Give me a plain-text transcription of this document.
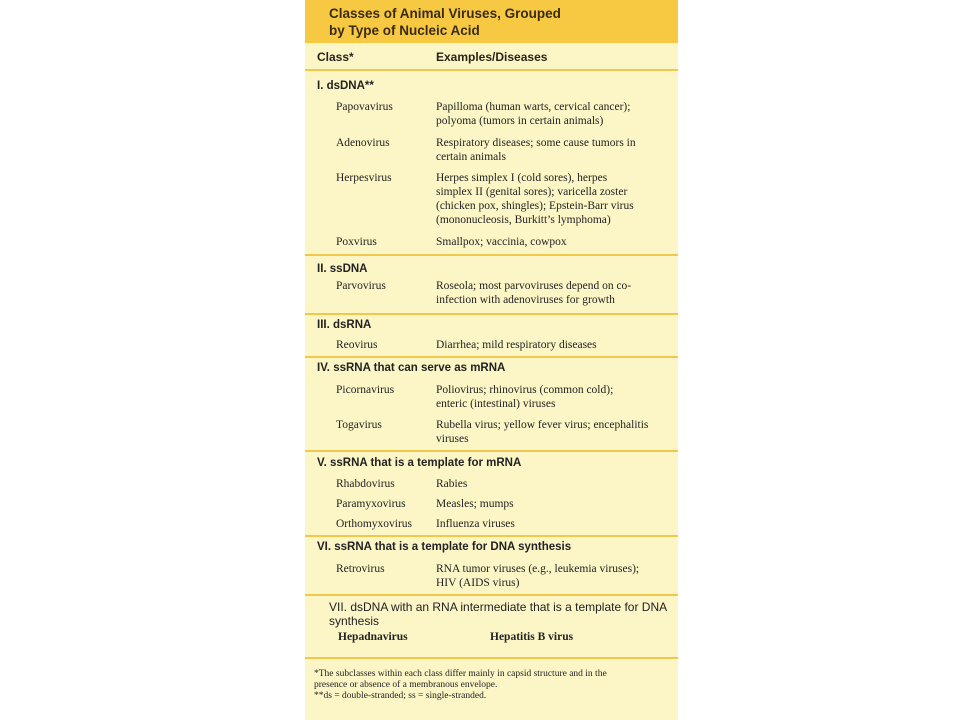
Classes of Animal Viruses, Grouped
by Type of Nucleic Acid
Class*	Examples/Diseases
I. dsDNA**
Papovavirus	Papilloma (human warts, cervical cancer);
polyoma (tumors in certain animals)
Adenovirus	Respiratory diseases; some cause tumors in
certain animals
Herpesvirus	Herpes simplex I (cold sores), herpes
simplex II (genital sores); varicella zoster
(chicken pox, shingles); Epstein-Barr virus
(mononucleosis, Burkitt’s lymphoma)
Poxvirus	Smallpox; vaccinia, cowpox
II. ssDNA
Parvovirus	Roseola; most parvoviruses depend on co-
infection with adenoviruses for growth
III. dsRNA
Reovirus	Diarrhea; mild respiratory diseases
IV. ssRNA that can serve as mRNA
Picornavirus	Poliovirus; rhinovirus (common cold);
enteric (intestinal) viruses
Togavirus	Rubella virus; yellow fever virus; encephalitis
viruses
V. ssRNA that is a template for mRNA
Rhabdovirus	Rabies
Paramyxovirus	Measles; mumps
Orthomyxovirus Influenza viruses
VI. ssRNA that is a template for DNA synthesis
Retrovirus	RNA tumor viruses (e.g., leukemia viruses);
HIV (AIDS virus)
VII. dsDNA with an RNA intermediate that is a template for DNA synthesis
Hepadnavirus	Hepatitis B virus
*The subclasses within each class differ mainly in capsid structure and in the
presence or absence of a membranous envelope.
**ds = double-stranded; ss = single-stranded.
